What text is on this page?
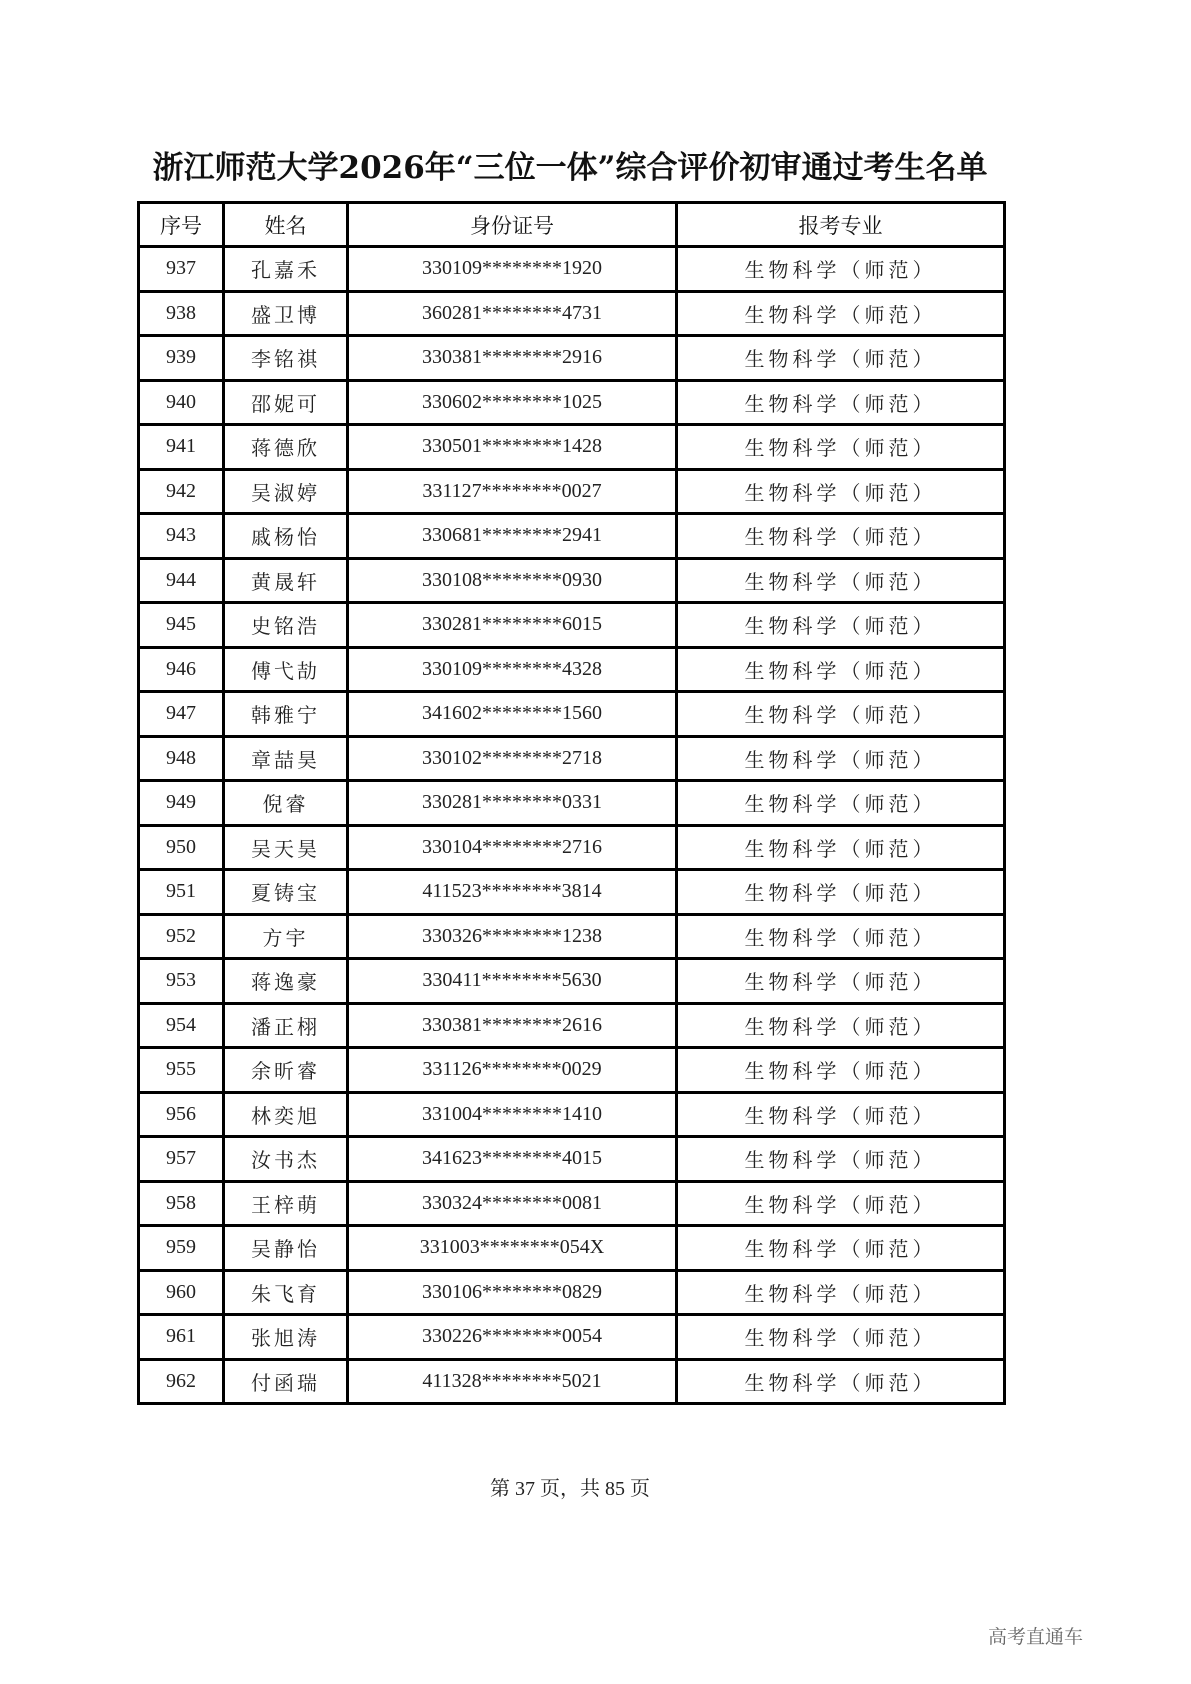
浙江师范大学2026年“三位一体”综合评价初审通过考生名单
序号	姓名	身份证号	报考专业
937	孔嘉禾	330109********1920	生物科学（师范）
938	盛卫博	360281********4731	生物科学（师范）
939	李铭祺	330381********2916	生物科学（师范）
940	邵妮可	330602********1025	生物科学（师范）
941	蒋德欣	330501********1428	生物科学（师范）
942	吴淑婷	331127********0027	生物科学（师范）
943	戚杨怡	330681********2941	生物科学（师范）
944	黄晟轩	330108********0930	生物科学（师范）
945	史铭浩	330281********6015	生物科学（师范）
946	傅弋劼	330109********4328	生物科学（师范）
947	韩雅宁	341602********1560	生物科学（师范）
948	章喆昊	330102********2718	生物科学（师范）
949	倪睿	330281********0331	生物科学（师范）
950	吴天昊	330104********2716	生物科学（师范）
951	夏铸宝	411523********3814	生物科学（师范）
952	方宇	330326********1238	生物科学（师范）
953	蒋逸豪	330411********5630	生物科学（师范）
954	潘正栩	330381********2616	生物科学（师范）
955	余昕睿	331126********0029	生物科学（师范）
956	林奕旭	331004********1410	生物科学（师范）
957	汝书杰	341623********4015	生物科学（师范）
958	王梓萌	330324********0081	生物科学（师范）
959	吴静怡	331003********054X	生物科学（师范）
960	朱飞育	330106********0829	生物科学（师范）
961	张旭涛	330226********0054	生物科学（师范）
962	付函瑞	411328********5021	生物科学（师范）
第 37 页，共 85 页
高考直通车
